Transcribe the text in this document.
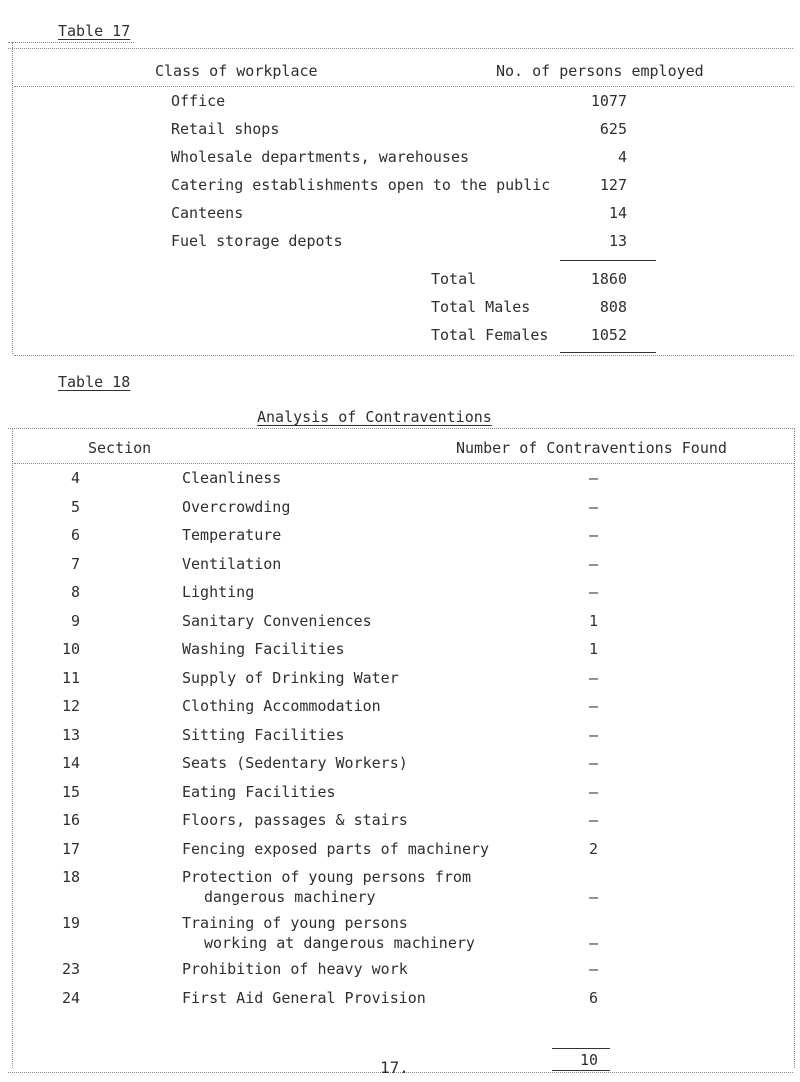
Table 17
Class of workplace	No. of persons employed
Office	1077
Retail shops	625
Wholesale departments, warehouses	4
Catering establishments open to the public	127
Canteens	14
Fuel storage depots	13
Total	1860
Total Males	808
Total Females	1052
Table 18
Analysis of Contraventions
Section	Number of Contraventions Found
4	Cleanliness	–
5	Overcrowding	–
6	Temperature	–
7	Ventilation	–
8	Lighting	–
9	Sanitary Conveniences	1
10	Washing Facilities	1
11	Supply of Drinking Water	–
12	Clothing Accommodation	–
13	Sitting Facilities	–
14	Seats (Sedentary Workers)	–
15	Eating Facilities	–
16	Floors, passages & stairs	–
17	Fencing exposed parts of machinery	2
18	Protection of young persons from
dangerous machinery	–
19	Training of young persons
working at dangerous machinery	–
23	Prohibition of heavy work	–
24	First Aid General Provision	6
10
17.
